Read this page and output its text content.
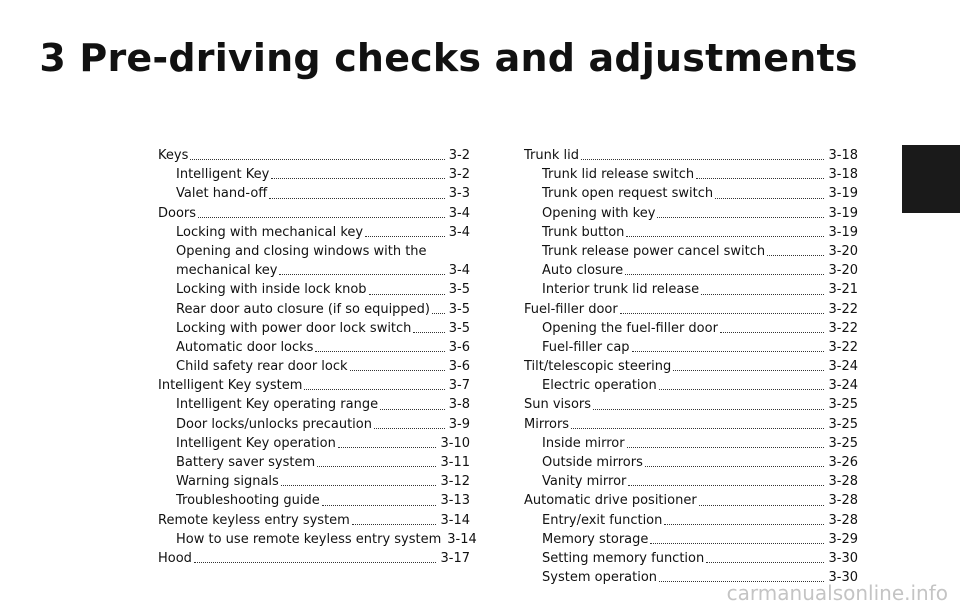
3 Pre-driving checks and adjustments
Keys	3-2
Intelligent Key	3-2
Valet hand-off	3-3
Doors	3-4
Locking with mechanical key	3-4
Opening and closing windows with the
mechanical key	3-4
Locking with inside lock knob	3-5
Rear door auto closure (if so equipped) 3-5
Locking with power door lock switch	3-5
Automatic door locks	3-6
Child safety rear door lock	3-6
Intelligent Key system	3-7
Intelligent Key operating range	3-8
Door locks/unlocks precaution	3-9
Intelligent Key operation	3-10
Battery saver system	3-11
Warning signals	3-12
Troubleshooting guide	3-13
Remote keyless entry system	3-14
How to use remote keyless entry system 3-14
Hood	3-17
Trunk lid	3-18
Trunk lid release switch	3-18
Trunk open request switch	3-19
Opening with key	3-19
Trunk button	3-19
Trunk release power cancel switch	3-20
Auto closure	3-20
Interior trunk lid release	3-21
Fuel-filler door	3-22
Opening the fuel-filler door	3-22
Fuel-filler cap	3-22
Tilt/telescopic steering	3-24
Electric operation	3-24
Sun visors	3-25
Mirrors	3-25
Inside mirror	3-25
Outside mirrors	3-26
Vanity mirror	3-28
Automatic drive positioner	3-28
Entry/exit function	3-28
Memory storage	3-29
Setting memory function	3-30
System operation	3-30
carmanualsonline.info
